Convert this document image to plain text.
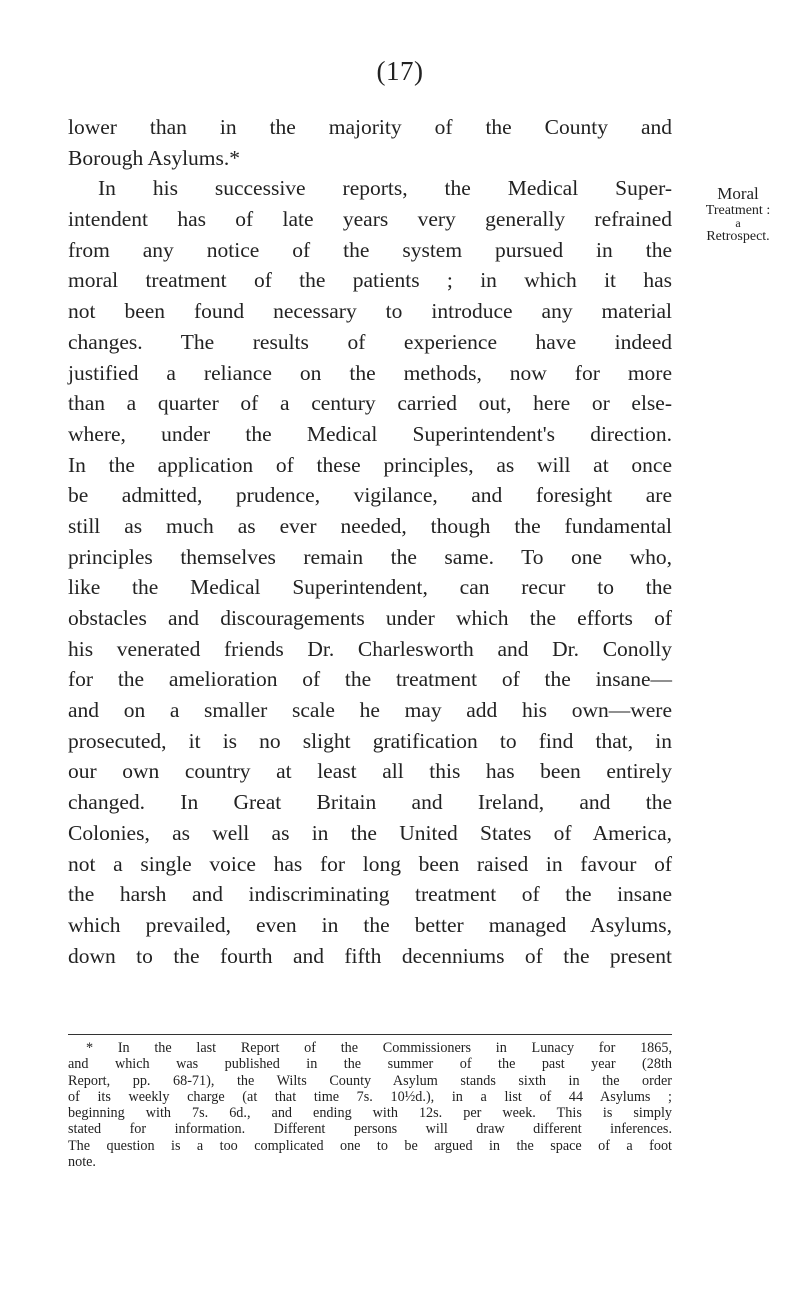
(17)
lower than in the majority of the County and
Borough Asylums.*
In his successive reports, the Medical Super-
intendent has of late years very generally refrained
from any notice of the system pursued in the
moral treatment of the patients ; in which it has
not been found necessary to introduce any material
changes. The results of experience have indeed
justified a reliance on the methods, now for more
than a quarter of a century carried out, here or else-
where, under the Medical Superintendent's direction.
In the application of these principles, as will at once
be admitted, prudence, vigilance, and foresight are
still as much as ever needed, though the fundamental
principles themselves remain the same. To one who,
like the Medical Superintendent, can recur to the
obstacles and discouragements under which the efforts of
his venerated friends Dr. Charlesworth and Dr. Conolly
for the amelioration of the treatment of the insane—
and on a smaller scale he may add his own—were
prosecuted, it is no slight gratification to find that, in
our own country at least all this has been entirely
changed. In Great Britain and Ireland, and the
Colonies, as well as in the United States of America,
not a single voice has for long been raised in favour of
the harsh and indiscriminating treatment of the insane
which prevailed, even in the better managed Asylums,
down to the fourth and fifth decenniums of the present
Moral
Treatment :
a
Retrospect.
* In the last Report of the Commissioners in Lunacy for 1865,
and which was published in the summer of the past year (28th
Report, pp. 68-71), the Wilts County Asylum stands sixth in the order
of its weekly charge (at that time 7s. 10½d.), in a list of 44 Asylums ;
beginning with 7s. 6d., and ending with 12s. per week. This is simply
stated for information. Different persons will draw different inferences.
The question is a too complicated one to be argued in the space of a foot
note.
